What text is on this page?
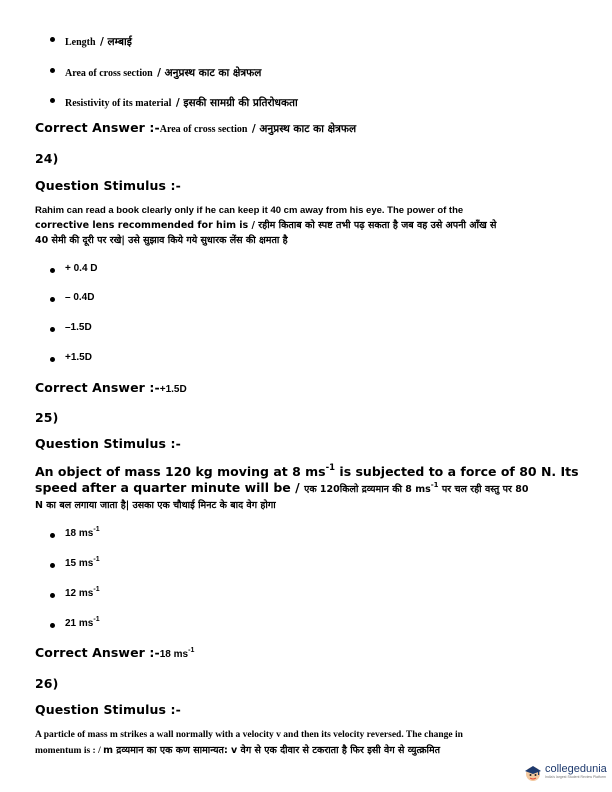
Length / लम्बाई
Area of cross section / अनुप्रस्थ काट का क्षेत्रफल
Resistivity of its material / इसकी सामग्री की प्रतिरोधकता
Correct Answer :-Area of cross section / अनुप्रस्थ काट का क्षेत्रफल
24)
Question Stimulus :-
Rahim can read a book clearly only if he can keep it 40 cm away from his eye. The power of the
corrective lens recommended for him is / रहीम किताब को स्पष्ट तभी पढ़ सकता है जब वह उसे अपनी आँख से
40 सेमी की दूरी पर रखे| उसे सुझाव किये गये सुधारक लेंस की क्षमता है
+ 0.4 D
– 0.4D
–1.5D
+1.5D
Correct Answer :-+1.5D
25)
Question Stimulus :-
An object of mass 120 kg moving at 8 $ms^{-1}$ is subjected to a force of 80 N. Its
speed after a quarter minute will be / एक 120किलो द्रव्यमान की 8 $ms^{-1}$ पर चल रही वस्तु पर 80
N का बल लगाया जाता है| उसका एक चौथाई मिनट के बाद वेग होगा
18 $ms^{-1}$
15 $ms^{-1}$
12 $ms^{-1}$
21 $ms^{-1}$
Correct Answer :-18 $ms^{-1}$
26)
Question Stimulus :-
A particle of mass m strikes a wall normally with a velocity v and then its velocity reversed. The change in
momentum is : / m द्रव्यमान का एक कण सामान्यत: v वेग से एक दीवार से टकराता है फिर इसी वेग से व्युत्क्रमित
collegedunia
India's largest Student Review Platform
